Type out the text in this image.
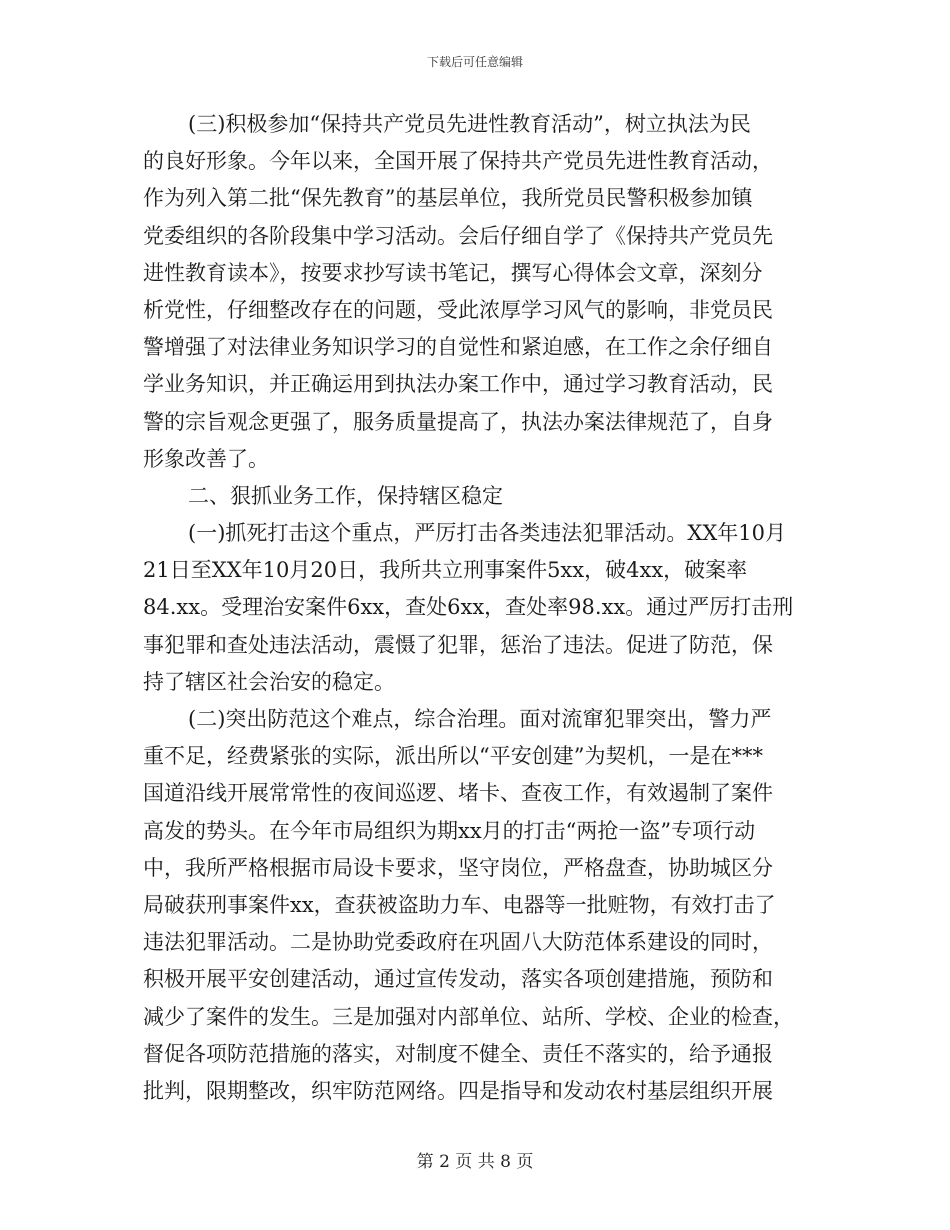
下载后可任意编辑
(三)积极参加“保持共产党员先进性教育活动”，树立执法为民
的良好形象。今年以来，全国开展了保持共产党员先进性教育活动，
作为列入第二批“保先教育”的基层单位，我所党员民警积极参加镇
党委组织的各阶段集中学习活动。会后仔细自学了《保持共产党员先
进性教育读本》，按要求抄写读书笔记，撰写心得体会文章，深刻分
析党性，仔细整改存在的问题，受此浓厚学习风气的影响，非党员民
警增强了对法律业务知识学习的自觉性和紧迫感，在工作之余仔细自
学业务知识，并正确运用到执法办案工作中，通过学习教育活动，民
警的宗旨观念更强了，服务质量提高了，执法办案法律规范了，自身
形象改善了。
二、狠抓业务工作，保持辖区稳定
(一)抓死打击这个重点，严厉打击各类违法犯罪活动。XX年10月
21日至XX年10月20日，我所共立刑事案件5xx，破4xx，破案率
84.xx。受理治安案件6xx，查处6xx，查处率98.xx。通过严厉打击刑
事犯罪和查处违法活动，震慑了犯罪，惩治了违法。促进了防范，保
持了辖区社会治安的稳定。
(二)突出防范这个难点，综合治理。面对流窜犯罪突出，警力严
重不足，经费紧张的实际，派出所以“平安创建”为契机，一是在***
国道沿线开展常常性的夜间巡逻、堵卡、查夜工作，有效遏制了案件
高发的势头。在今年市局组织为期xx月的打击“两抢一盗”专项行动
中，我所严格根据市局设卡要求，坚守岗位，严格盘查，协助城区分
局破获刑事案件xx，查获被盗助力车、电器等一批赃物，有效打击了
违法犯罪活动。二是协助党委政府在巩固八大防范体系建设的同时，
积极开展平安创建活动，通过宣传发动，落实各项创建措施，预防和
减少了案件的发生。三是加强对内部单位、站所、学校、企业的检查，
督促各项防范措施的落实，对制度不健全、责任不落实的，给予通报
批判，限期整改，织牢防范网络。四是指导和发动农村基层组织开展
第 2 页 共 8 页
